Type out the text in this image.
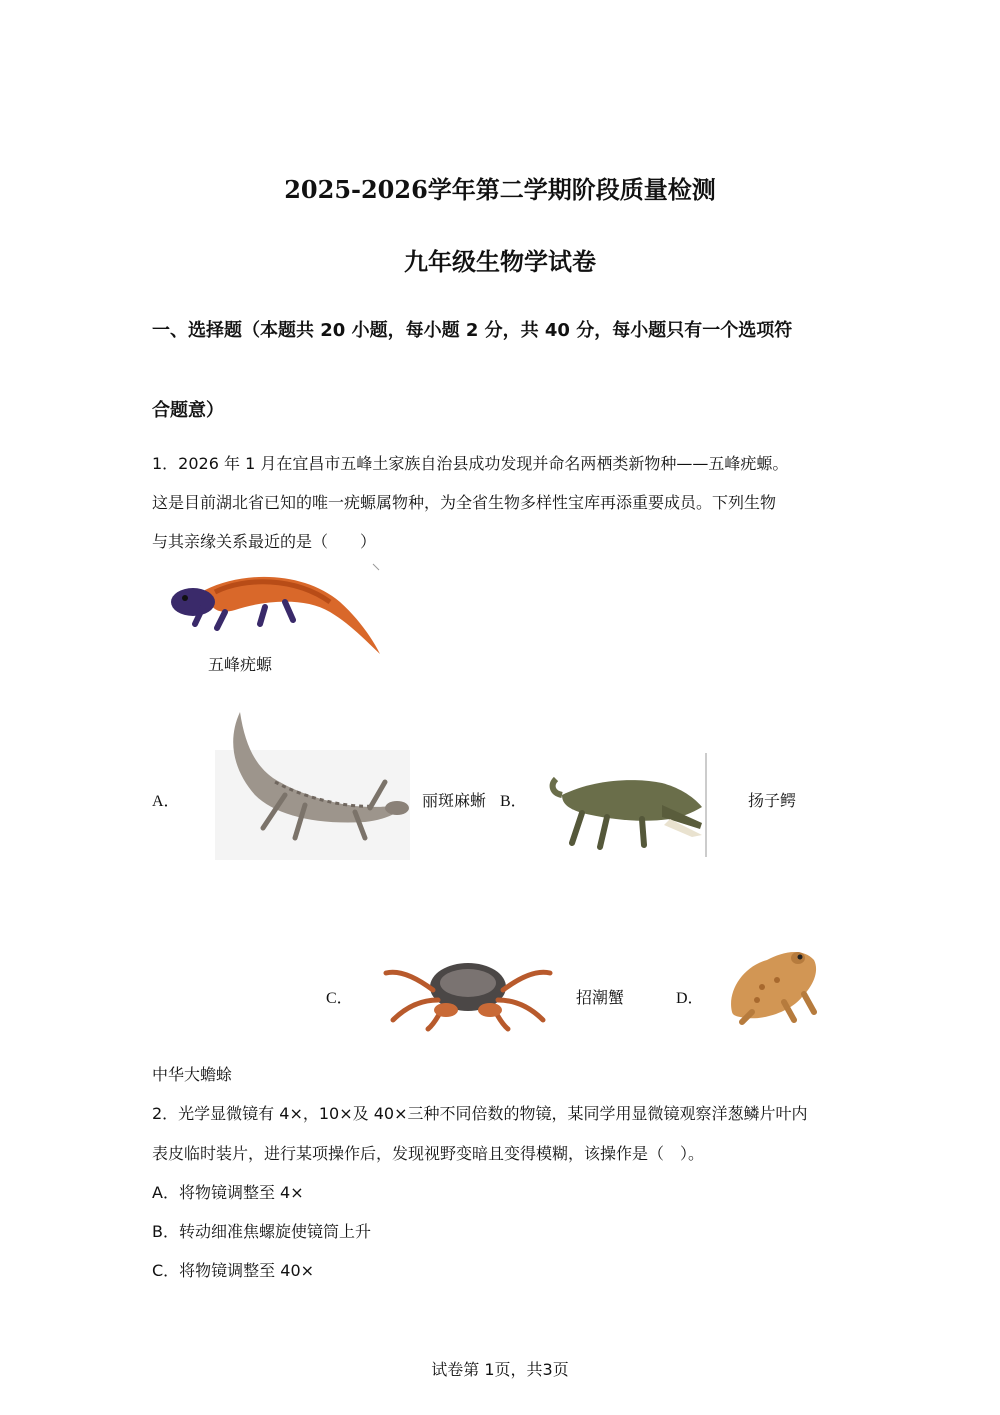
2025-2026学年第二学期阶段质量检测
九年级生物学试卷
一、选择题（本题共 20 小题，每小题 2 分，共 40 分，每小题只有一个选项符
合题意）
1．2026 年 1 月在宜昌市五峰土家族自治县成功发现并命名两栖类新物种——五峰疣螈。
这是目前湖北省已知的唯一疣螈属物种，为全省生物多样性宝库再添重要成员。下列生物
与其亲缘关系最近的是（　　）
五峰疣螈
A．	丽斑麻蜥 B．	扬子鳄
C．	招潮蟹	D．
中华大蟾蜍
2．光学显微镜有 4×，10×及 40×三种不同倍数的物镜，某同学用显微镜观察洋葱鳞片叶内
表皮临时装片，进行某项操作后，发现视野变暗且变得模糊，该操作是（　）。
A．将物镜调整至 4×
B．转动细准焦螺旋使镜筒上升
C．将物镜调整至 40×
试卷第 1页，共3页
